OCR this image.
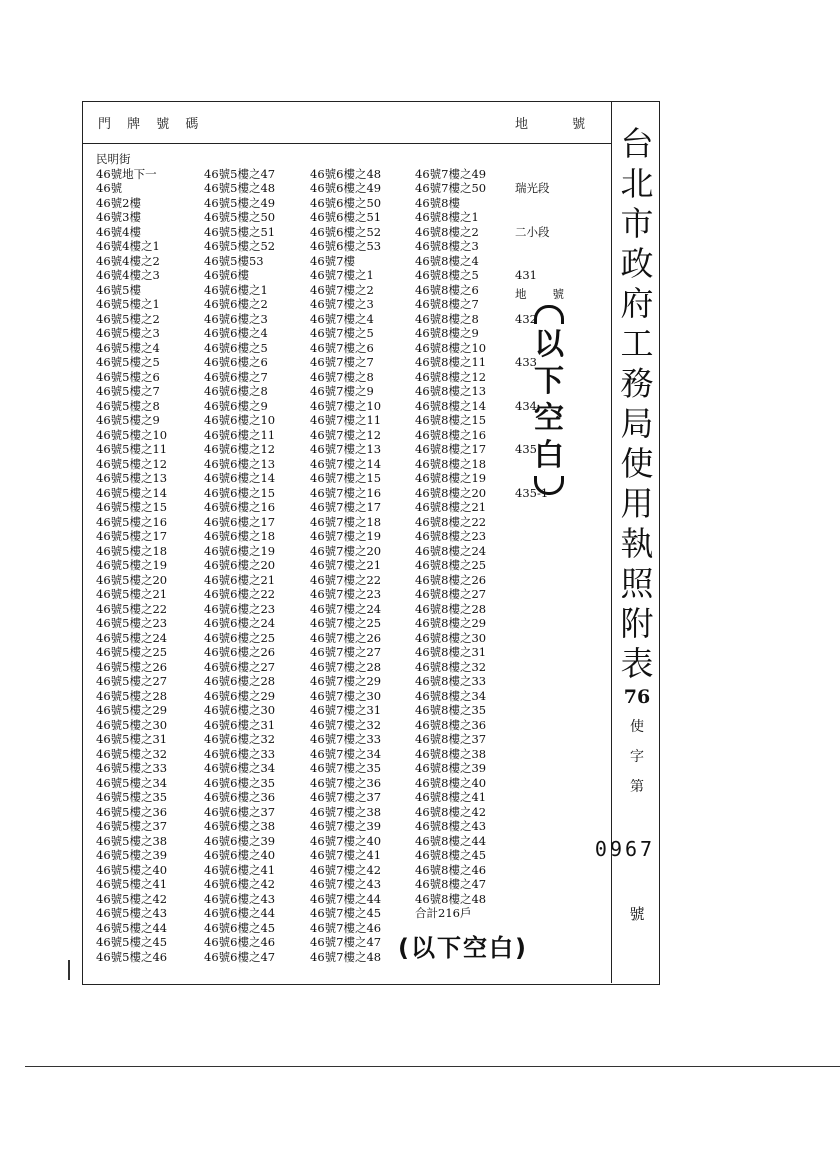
門 牌 號 碼	地 號
民明街
46號地下一
46號
46號2樓
46號3樓
46號4樓
46號4樓之1
46號4樓之2
46號4樓之3
46號5樓
46號5樓之1
46號5樓之2
46號5樓之3
46號5樓之4
46號5樓之5
46號5樓之6
46號5樓之7
46號5樓之8
46號5樓之9
46號5樓之10
46號5樓之11
46號5樓之12
46號5樓之13
46號5樓之14
46號5樓之15
46號5樓之16
46號5樓之17
46號5樓之18
46號5樓之19
46號5樓之20
46號5樓之21
46號5樓之22
46號5樓之23
46號5樓之24
46號5樓之25
46號5樓之26
46號5樓之27
46號5樓之28
46號5樓之29
46號5樓之30
46號5樓之31
46號5樓之32
46號5樓之33
46號5樓之34
46號5樓之35
46號5樓之36
46號5樓之37
46號5樓之38
46號5樓之39
46號5樓之40
46號5樓之41
46號5樓之42
46號5樓之43
46號5樓之44
46號5樓之45
46號5樓之46
46號5樓之47
46號5樓之48
46號5樓之49
46號5樓之50
46號5樓之51
46號5樓之52
46號5樓53
46號6樓
46號6樓之1
46號6樓之2
46號6樓之3
46號6樓之4
46號6樓之5
46號6樓之6
46號6樓之7
46號6樓之8
46號6樓之9
46號6樓之10
46號6樓之11
46號6樓之12
46號6樓之13
46號6樓之14
46號6樓之15
46號6樓之16
46號6樓之17
46號6樓之18
46號6樓之19
46號6樓之20
46號6樓之21
46號6樓之22
46號6樓之23
46號6樓之24
46號6樓之25
46號6樓之26
46號6樓之27
46號6樓之28
46號6樓之29
46號6樓之30
46號6樓之31
46號6樓之32
46號6樓之33
46號6樓之34
46號6樓之35
46號6樓之36
46號6樓之37
46號6樓之38
46號6樓之39
46號6樓之40
46號6樓之41
46號6樓之42
46號6樓之43
46號6樓之44
46號6樓之45
46號6樓之46
46號6樓之47
46號6樓之48
46號6樓之49
46號6樓之50
46號6樓之51
46號6樓之52
46號6樓之53
46號7樓
46號7樓之1
46號7樓之2
46號7樓之3
46號7樓之4
46號7樓之5
46號7樓之6
46號7樓之7
46號7樓之8
46號7樓之9
46號7樓之10
46號7樓之11
46號7樓之12
46號7樓之13
46號7樓之14
46號7樓之15
46號7樓之16
46號7樓之17
46號7樓之18
46號7樓之19
46號7樓之20
46號7樓之21
46號7樓之22
46號7樓之23
46號7樓之24
46號7樓之25
46號7樓之26
46號7樓之27
46號7樓之28
46號7樓之29
46號7樓之30
46號7樓之31
46號7樓之32
46號7樓之33
46號7樓之34
46號7樓之35
46號7樓之36
46號7樓之37
46號7樓之38
46號7樓之39
46號7樓之40
46號7樓之41
46號7樓之42
46號7樓之43
46號7樓之44
46號7樓之45
46號7樓之46
46號7樓之47
46號7樓之48
46號7樓之49
46號7樓之50
46號8樓
46號8樓之1
46號8樓之2
46號8樓之3
46號8樓之4
46號8樓之5
46號8樓之6
46號8樓之7
46號8樓之8
46號8樓之9
46號8樓之10
46號8樓之11
46號8樓之12
46號8樓之13
46號8樓之14
46號8樓之15
46號8樓之16
46號8樓之17
46號8樓之18
46號8樓之19
46號8樓之20
46號8樓之21
46號8樓之22
46號8樓之23
46號8樓之24
46號8樓之25
46號8樓之26
46號8樓之27
46號8樓之28
46號8樓之29
46號8樓之30
46號8樓之31
46號8樓之32
46號8樓之33
46號8樓之34
46號8樓之35
46號8樓之36
46號8樓之37
46號8樓之38
46號8樓之39
46號8樓之40
46號8樓之41
46號8樓之42
46號8樓之43
46號8樓之44
46號8樓之45
46號8樓之46
46號8樓之47
46號8樓之48
合計216戶

瑞光段

二小段

431

432

433

434

435

435-1

地號
以
下
空
白
(以下空白)
台
北
市
政
府
工
務
局
使
用
執
照
附
表
76
使
字
第
0967
號
